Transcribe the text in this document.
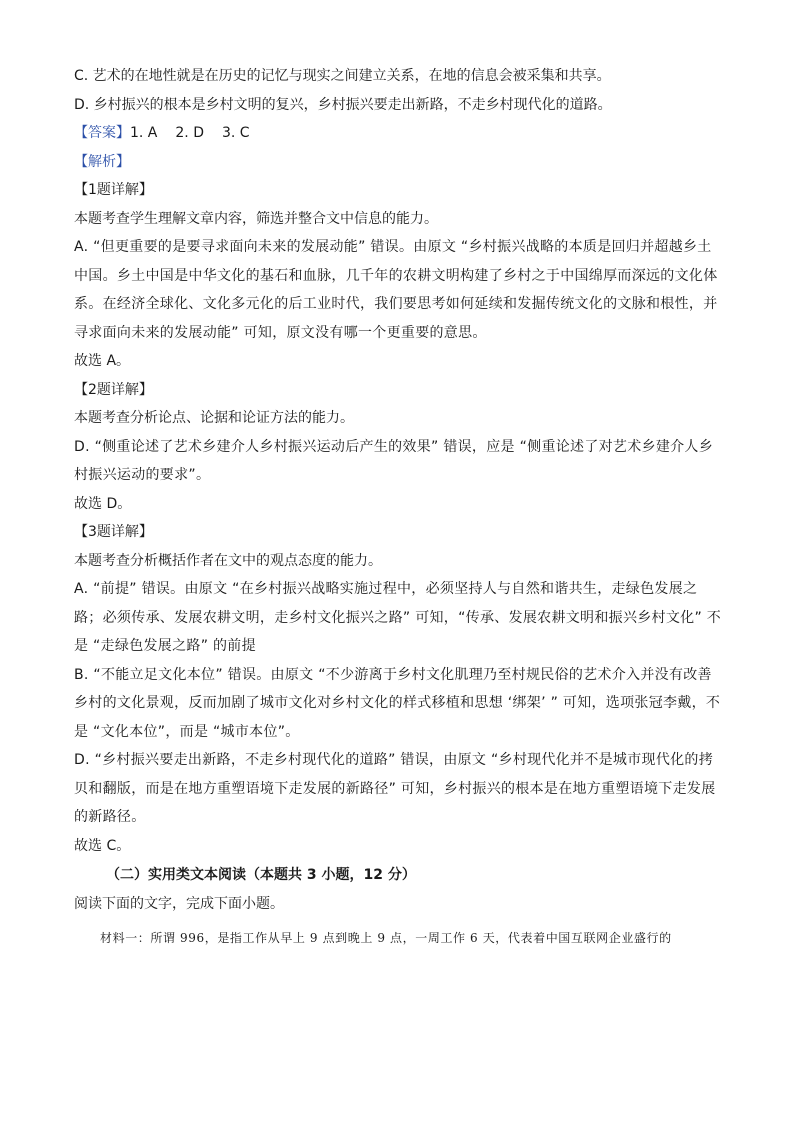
C. 艺术的在地性就是在历史的记忆与现实之间建立关系，在地的信息会被采集和共享。
D. 乡村振兴的根本是乡村文明的复兴，乡村振兴要走出新路，不走乡村现代化的道路。
【答案】1. A 2. D 3. C
【解析】
【1题详解】
本题考查学生理解文章内容，筛选并整合文中信息的能力。
A. “但更重要的是要寻求面向未来的发展动能” 错误。由原文 “乡村振兴战略的本质是回归并超越乡土中国。乡土中国是中华文化的基石和血脉，几千年的农耕文明构建了乡村之于中国绵厚而深远的文化体系。在经济全球化、文化多元化的后工业时代，我们要思考如何延续和发掘传统文化的文脉和根性，并寻求面向未来的发展动能” 可知，原文没有哪一个更重要的意思。
故选 A。
【2题详解】
本题考查分析论点、论据和论证方法的能力。
D. “侧重论述了艺术乡建介人乡村振兴运动后产生的效果” 错误，应是 “侧重论述了对艺术乡建介人乡村振兴运动的要求”。
故选 D。
【3题详解】
本题考查分析概括作者在文中的观点态度的能力。
A. “前提” 错误。由原文 “在乡村振兴战略实施过程中，必须坚持人与自然和谐共生，走绿色发展之路；必须传承、发展农耕文明，走乡村文化振兴之路” 可知，“传承、发展农耕文明和振兴乡村文化” 不是 “走绿色发展之路” 的前提
B. “不能立足文化本位” 错误。由原文 “不少游离于乡村文化肌理乃至村规民俗的艺术介入并没有改善乡村的文化景观，反而加剧了城市文化对乡村文化的样式移植和思想 ‘绑架’ ” 可知，选项张冠李戴，不是 “文化本位”，而是 “城市本位”。
D. “乡村振兴要走出新路，不走乡村现代化的道路” 错误，由原文 “乡村现代化并不是城市现代化的拷贝和翻版，而是在地方重塑语境下走发展的新路径” 可知，乡村振兴的根本是在地方重塑语境下走发展的新路径。
故选 C。
（二）实用类文本阅读（本题共 3 小题，12 分）
阅读下面的文字，完成下面小题。
材料一：所谓 996，是指工作从早上 9 点到晚上 9 点，一周工作 6 天，代表着中国互联网企业盛行的
